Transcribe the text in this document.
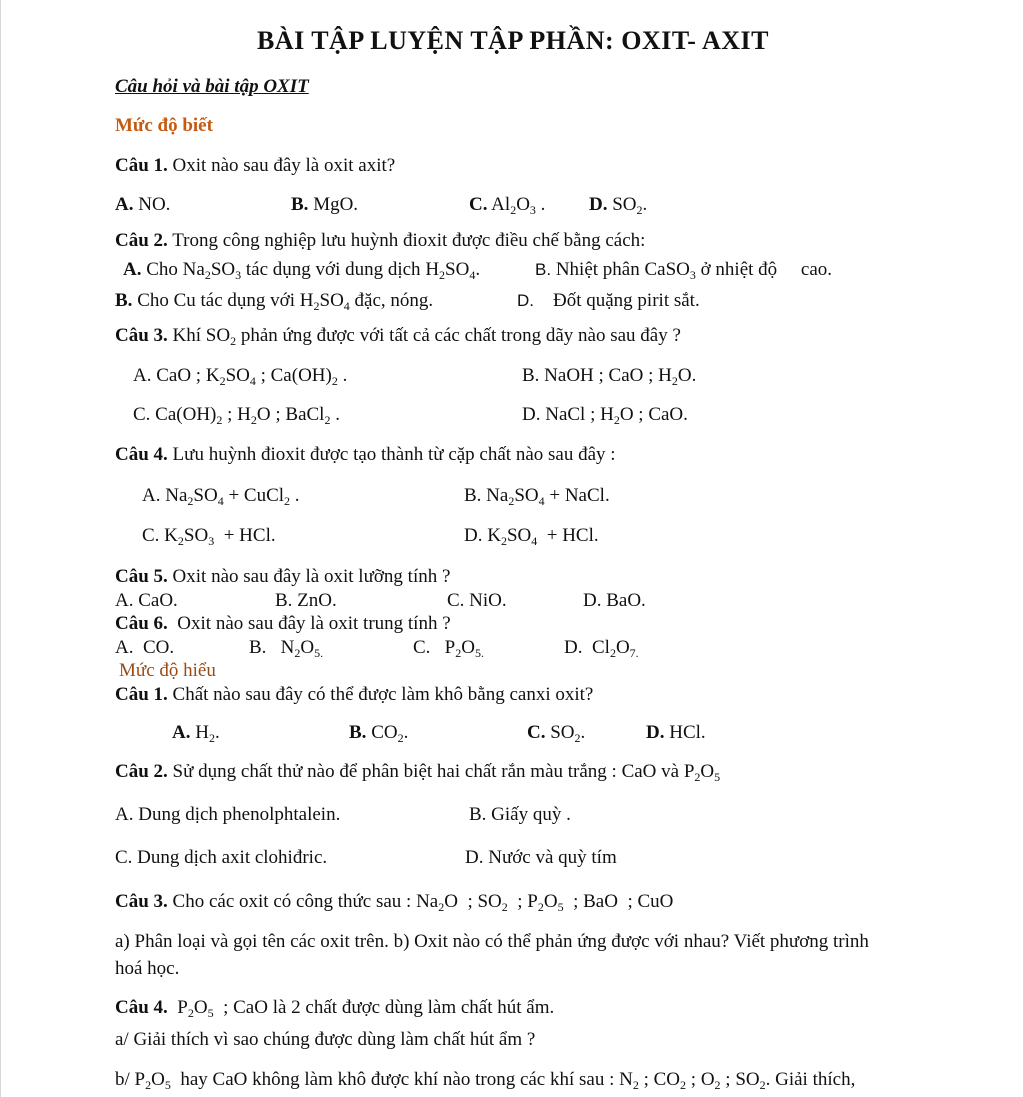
BÀI TẬP LUYỆN TẬP PHẦN: OXIT- AXIT
Câu hỏi và bài tập OXIT
Mức độ biết
Câu 1. Oxit nào sau đây là oxit axit?
A. NO.	B. MgO.	C. $Al_2O_3$ . D. $SO_2$.
Câu 2. Trong công nghiệp lưu huỳnh đioxit được điều chế bằng cách:
A. Cho $Na_2SO_3$ tác dụng với dung dịch $H_2SO_4$.	B. Nhiệt phân CaSO$_3$ ở nhiệt độ cao.
B. Cho Cu tác dụng với $H_2SO_4$ đặc, nóng.	D. Đốt quặng pirit sắt.
Câu 3. Khí $SO_2$ phản ứng được với tất cả các chất trong dãy nào sau đây ?
A. CaO ; $K_2SO_4$ ; $Ca(OH)_2$ .	B. NaOH ; CaO ; $H_2O$.
C. $Ca(OH)_2$ ; $H_2O$ ; BaCl$_2$ .	D. NaCl ; $H_2O$ ; CaO.
Câu 4. Lưu huỳnh đioxit được tạo thành từ cặp chất nào sau đây :
A. $Na_2SO_4$ + CuCl$_2$ .	B. $Na_2SO_4$ + NaCl.
C. $K_2SO_3$  + HCl.	D. $K_2SO_4$  + HCl.
Câu 5. Oxit nào sau đây là oxit lưỡng tính ?
A. CaO.	B. ZnO.	C. NiO.	D. BaO.
Câu 6. Oxit nào sau đây là oxit trung tính ?
A.  CO.	B.   $N_2O_{5.}$	C.   $P_2O_{5.}$	D.  $Cl_2O_{7.}$
Mức độ hiểu
Câu 1. Chất nào sau đây có thể được làm khô bằng canxi oxit?
A. $H_2$.	B. $CO_2$.	C. $SO_2$.	D. HCl.
Câu 2. Sử dụng chất thử nào để phân biệt hai chất rắn màu trắng : CaO và $P_2O_5$
A. Dung dịch phenolphtalein.	B. Giấy quỳ .
C. Dung dịch axit clohiđric.	D. Nước và quỳ tím
Câu 3. Cho các oxit có công thức sau : $Na_2O$  ; $SO_2$  ; $P_2O_5$  ; BaO  ; CuO
a) Phân loại và gọi tên các oxit trên. b) Oxit nào có thể phản ứng được với nhau? Viết phương trình
hoá học.
Câu 4.  $P_2O_5$ ; CaO là 2 chất được dùng làm chất hút ẩm.
a/ Giải thích vì sao chúng được dùng làm chất hút ẩm ?
b/ $P_2O_5$ hay CaO không làm khô được khí nào trong các khí sau : $N_2$ ; $CO_2$ ; $O_2$ ; $SO_2$. Giải thích,
